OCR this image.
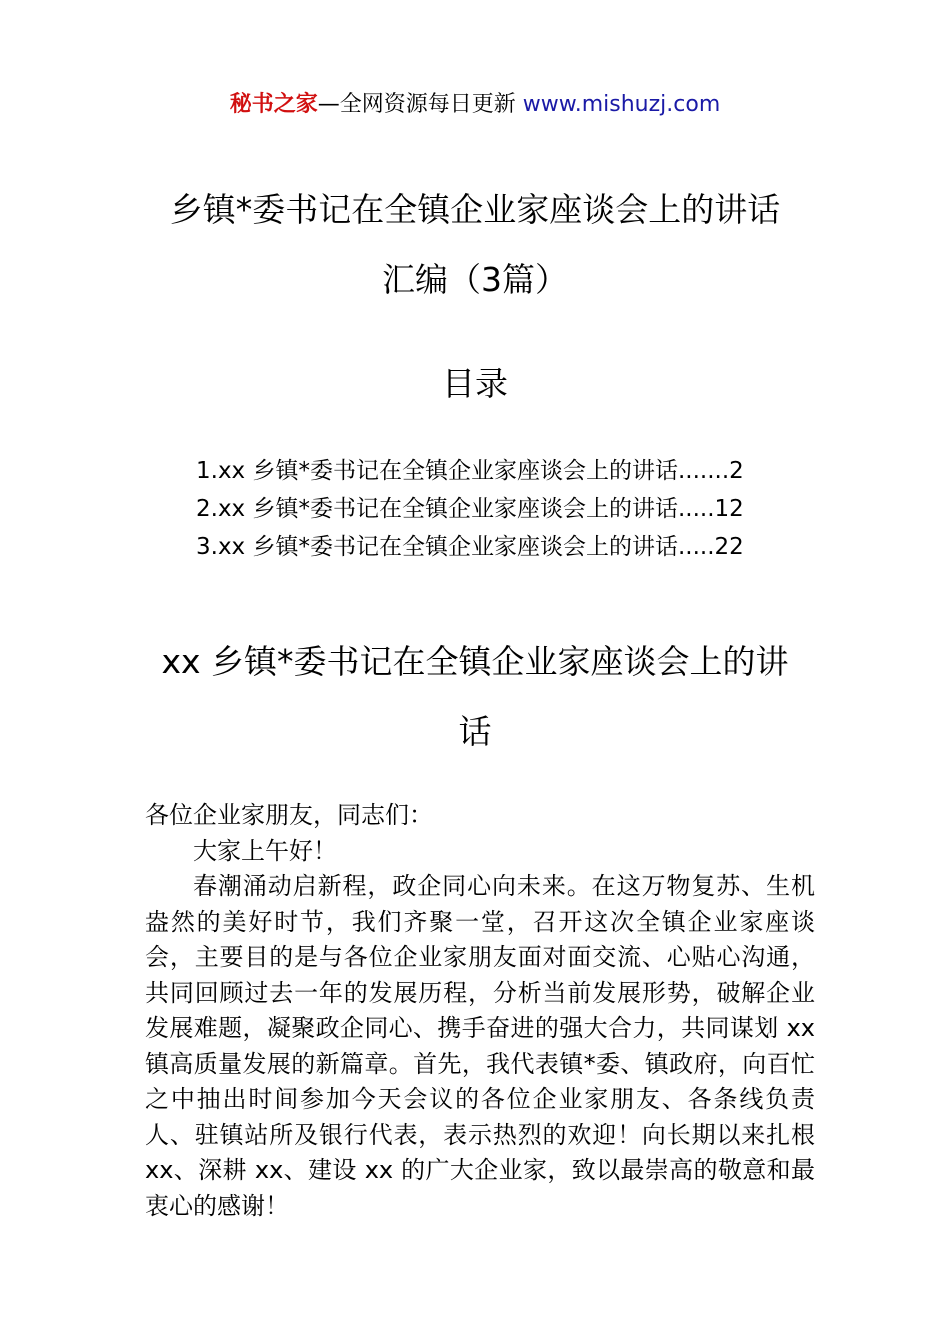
秘书之家—全网资源每日更新 www.mishuzj.com
乡镇*委书记在全镇企业家座谈会上的讲话
汇编（3篇）
目录
1.xx 乡镇*委书记在全镇企业家座谈会上的讲话.......2
2.xx 乡镇*委书记在全镇企业家座谈会上的讲话.....12
3.xx 乡镇*委书记在全镇企业家座谈会上的讲话.....22
xx 乡镇*委书记在全镇企业家座谈会上的讲
话

各位企业家朋友，同志们：

大家上午好！

春潮涌动启新程，政企同心向未来。在这万物复苏、生机盎然的美好时节，我们齐聚一堂，召开这次全镇企业家座谈会，主要目的是与各位企业家朋友面对面交流、心贴心沟通，共同回顾过去一年的发展历程，分析当前发展形势，破解企业发展难题，凝聚政企同心、携手奋进的强大合力，共同谋划 xx 镇高质量发展的新篇章。首先，我代表镇*委、镇政府，向百忙之中抽出时间参加今天会议的各位企业家朋友、各条线负责人、驻镇站所及银行代表，表示热烈的欢迎！向长期以来扎根 xx、深耕 xx、建设 xx 的广大企业家，致以最崇高的敬意和最衷心的感谢！
